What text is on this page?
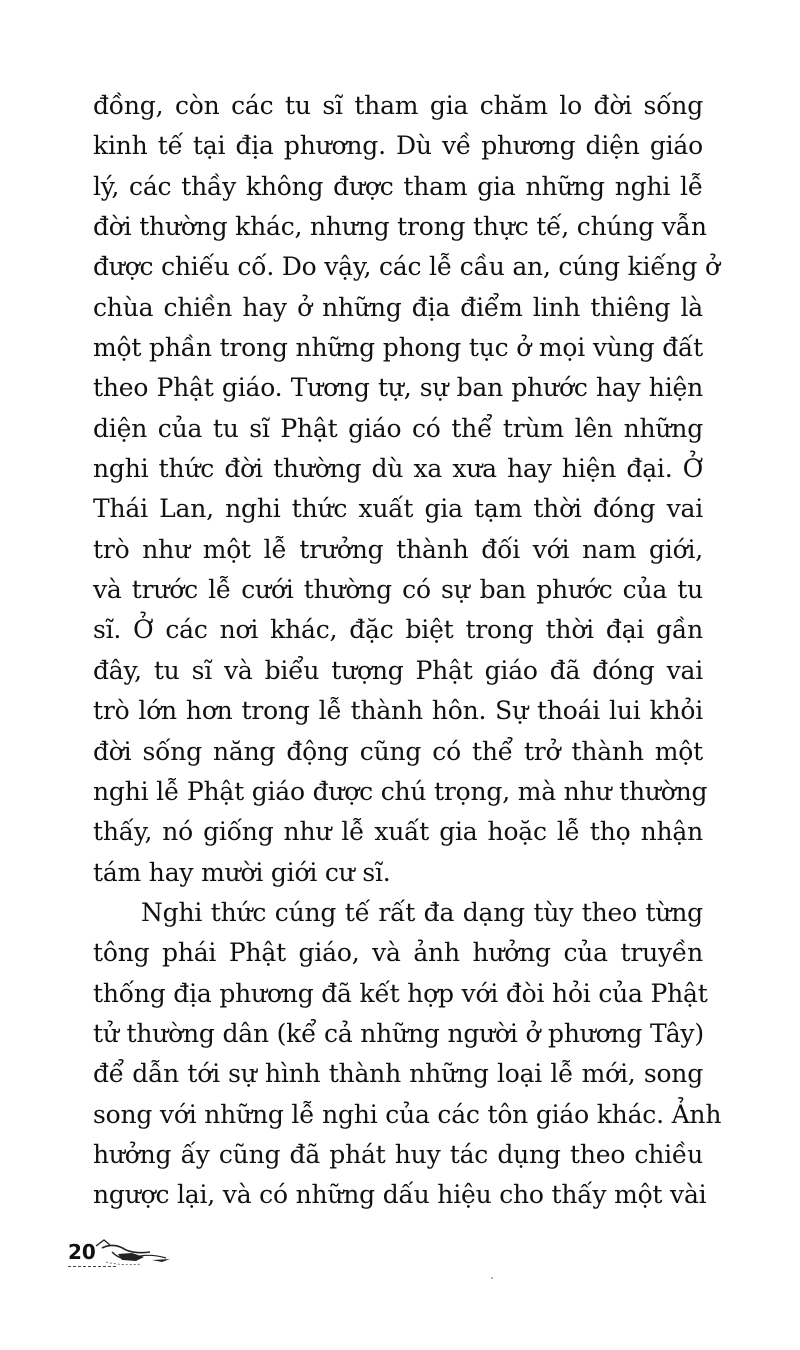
đồng, còn các tu sĩ tham gia chăm lo đời sống
kinh tế tại địa phương. Dù về phương diện giáo
lý, các thầy không được tham gia những nghi lễ
đời thường khác, nhưng trong thực tế, chúng vẫn
được chiếu cố. Do vậy, các lễ cầu an, cúng kiếng ở
chùa chiền hay ở những địa điểm linh thiêng là
một phần trong những phong tục ở mọi vùng đất
theo Phật giáo. Tương tự, sự ban phước hay hiện
diện của tu sĩ Phật giáo có thể trùm lên những
nghi thức đời thường dù xa xưa hay hiện đại. Ở
Thái Lan, nghi thức xuất gia tạm thời đóng vai
trò như một lễ trưởng thành đối với nam giới,
và trước lễ cưới thường có sự ban phước của tu
sĩ. Ở các nơi khác, đặc biệt trong thời đại gần
đây, tu sĩ và biểu tượng Phật giáo đã đóng vai
trò lớn hơn trong lễ thành hôn. Sự thoái lui khỏi
đời sống năng động cũng có thể trở thành một
nghi lễ Phật giáo được chú trọng, mà như thường
thấy, nó giống như lễ xuất gia hoặc lễ thọ nhận
tám hay mười giới cư sĩ.
Nghi thức cúng tế rất đa dạng tùy theo từng
tông phái Phật giáo, và ảnh hưởng của truyền
thống địa phương đã kết hợp với đòi hỏi của Phật
tử thường dân (kể cả những người ở phương Tây)
để dẫn tới sự hình thành những loại lễ mới, song
song với những lễ nghi của các tôn giáo khác. Ảnh
hưởng ấy cũng đã phát huy tác dụng theo chiều
ngược lại, và có những dấu hiệu cho thấy một vài
20
